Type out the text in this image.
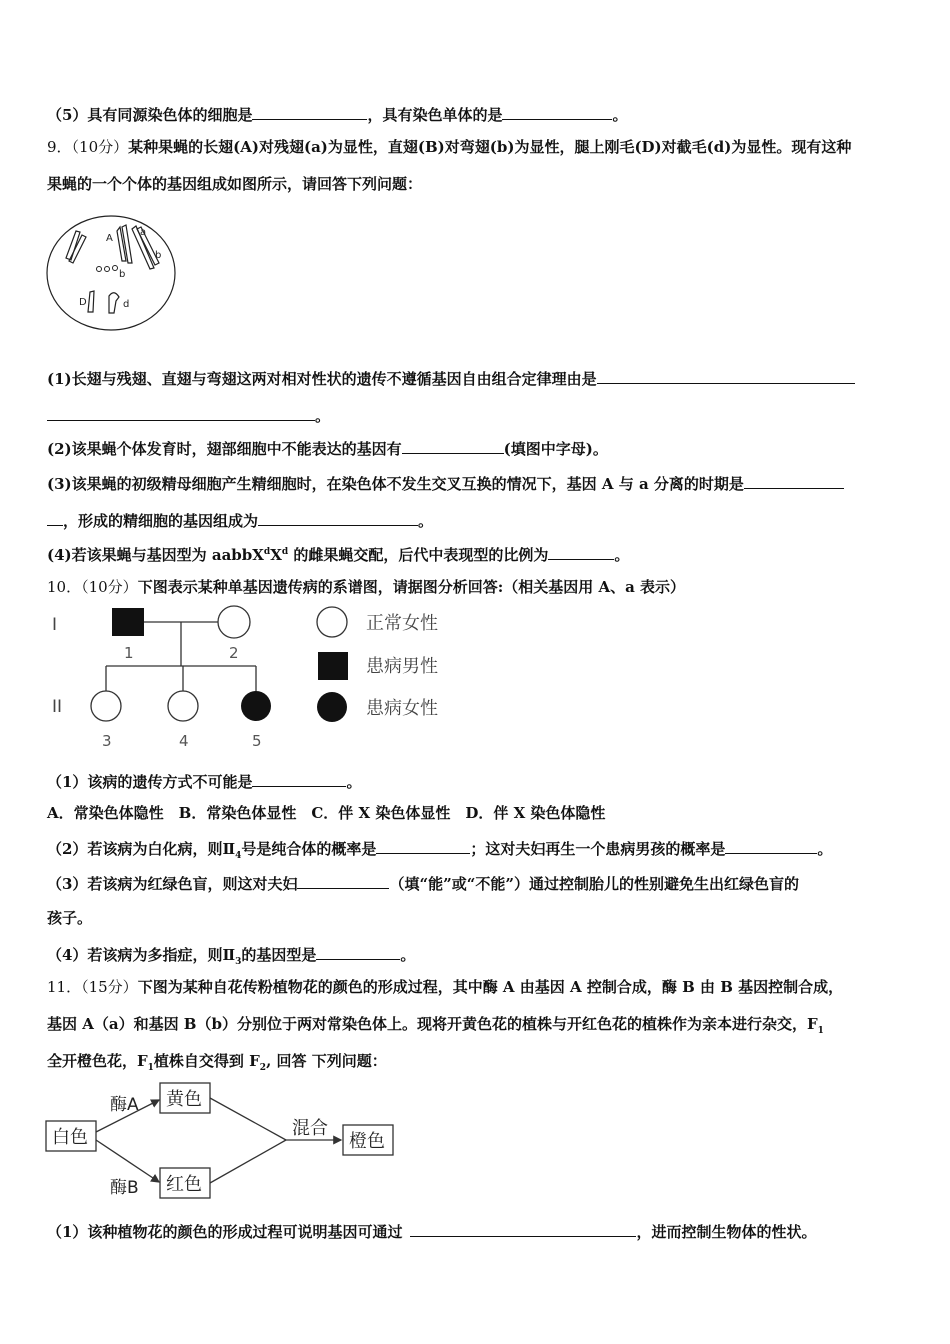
（5）具有同源染色体的细胞是	，具有染色单体的是	。
9．（10分）某种果蝇的长翅(A)对残翅(a)为显性，直翅(B)对弯翅(b)为显性，腿上刚毛(D)对截毛(d)为显性。现有这种
果蝇的一个个体的基因组成如图所示，请回答下列问题：
A
a
b
b
D	d
(1)长翅与残翅、直翅与弯翅这两对相对性状的遗传不遵循基因自由组合定律理由是
。
(2)该果蝇个体发育时，翅部细胞中不能表达的基因有	(填图中字母)。
(3)该果蝇的初级精母细胞产生精细胞时，在染色体不发生交叉互换的情况下，基因 A 与 a 分离的时期是
，形成的精细胞的基因组成为	。
(4)若该果蝇与基因型为 $aabbX^dX^d$ 的雌果蝇交配，后代中表现型的比例为	。
10．（10分）下图表示某种单基因遗传病的系谱图，请据图分析回答:（相关基因用 A、a 表示）
I
II
1	2
3	4	5
正常女性
患病男性
患病女性
（1）该病的遗传方式不可能是	。
A．常染色体隐性　B．常染色体显性　C．伴 X 染色体显性　D．伴 X 染色体隐性
（2）若该病为白化病，则$Ⅱ_4$号是纯合体的概率是	；这对夫妇再生一个患病男孩的概率是	。
（3）若该病为红绿色盲，则这对夫妇	（填“能”或“不能”）通过控制胎儿的性别避免生出红绿色盲的
孩子。
（4）若该病为多指症，则$Ⅱ_3$的基因型是	。
11．（15分）下图为某种自花传粉植物花的颜色的形成过程，其中酶 A 由基因 A 控制合成，酶 B 由 B 基因控制合成，
基因 A（a）和基因 B（b）分别位于两对常染色体上。现将开黄色花的植株与开红色花的植株作为亲本进行杂交，$F_1$
全开橙色花，$F_1$植株自交得到 $F_2$, 回答 下列问题：
白色
黄色
红色
橙色
酶A
酶B
混合
（1）该种植物花的颜色的形成过程可说明基因可通过	，进而控制生物体的性状。
